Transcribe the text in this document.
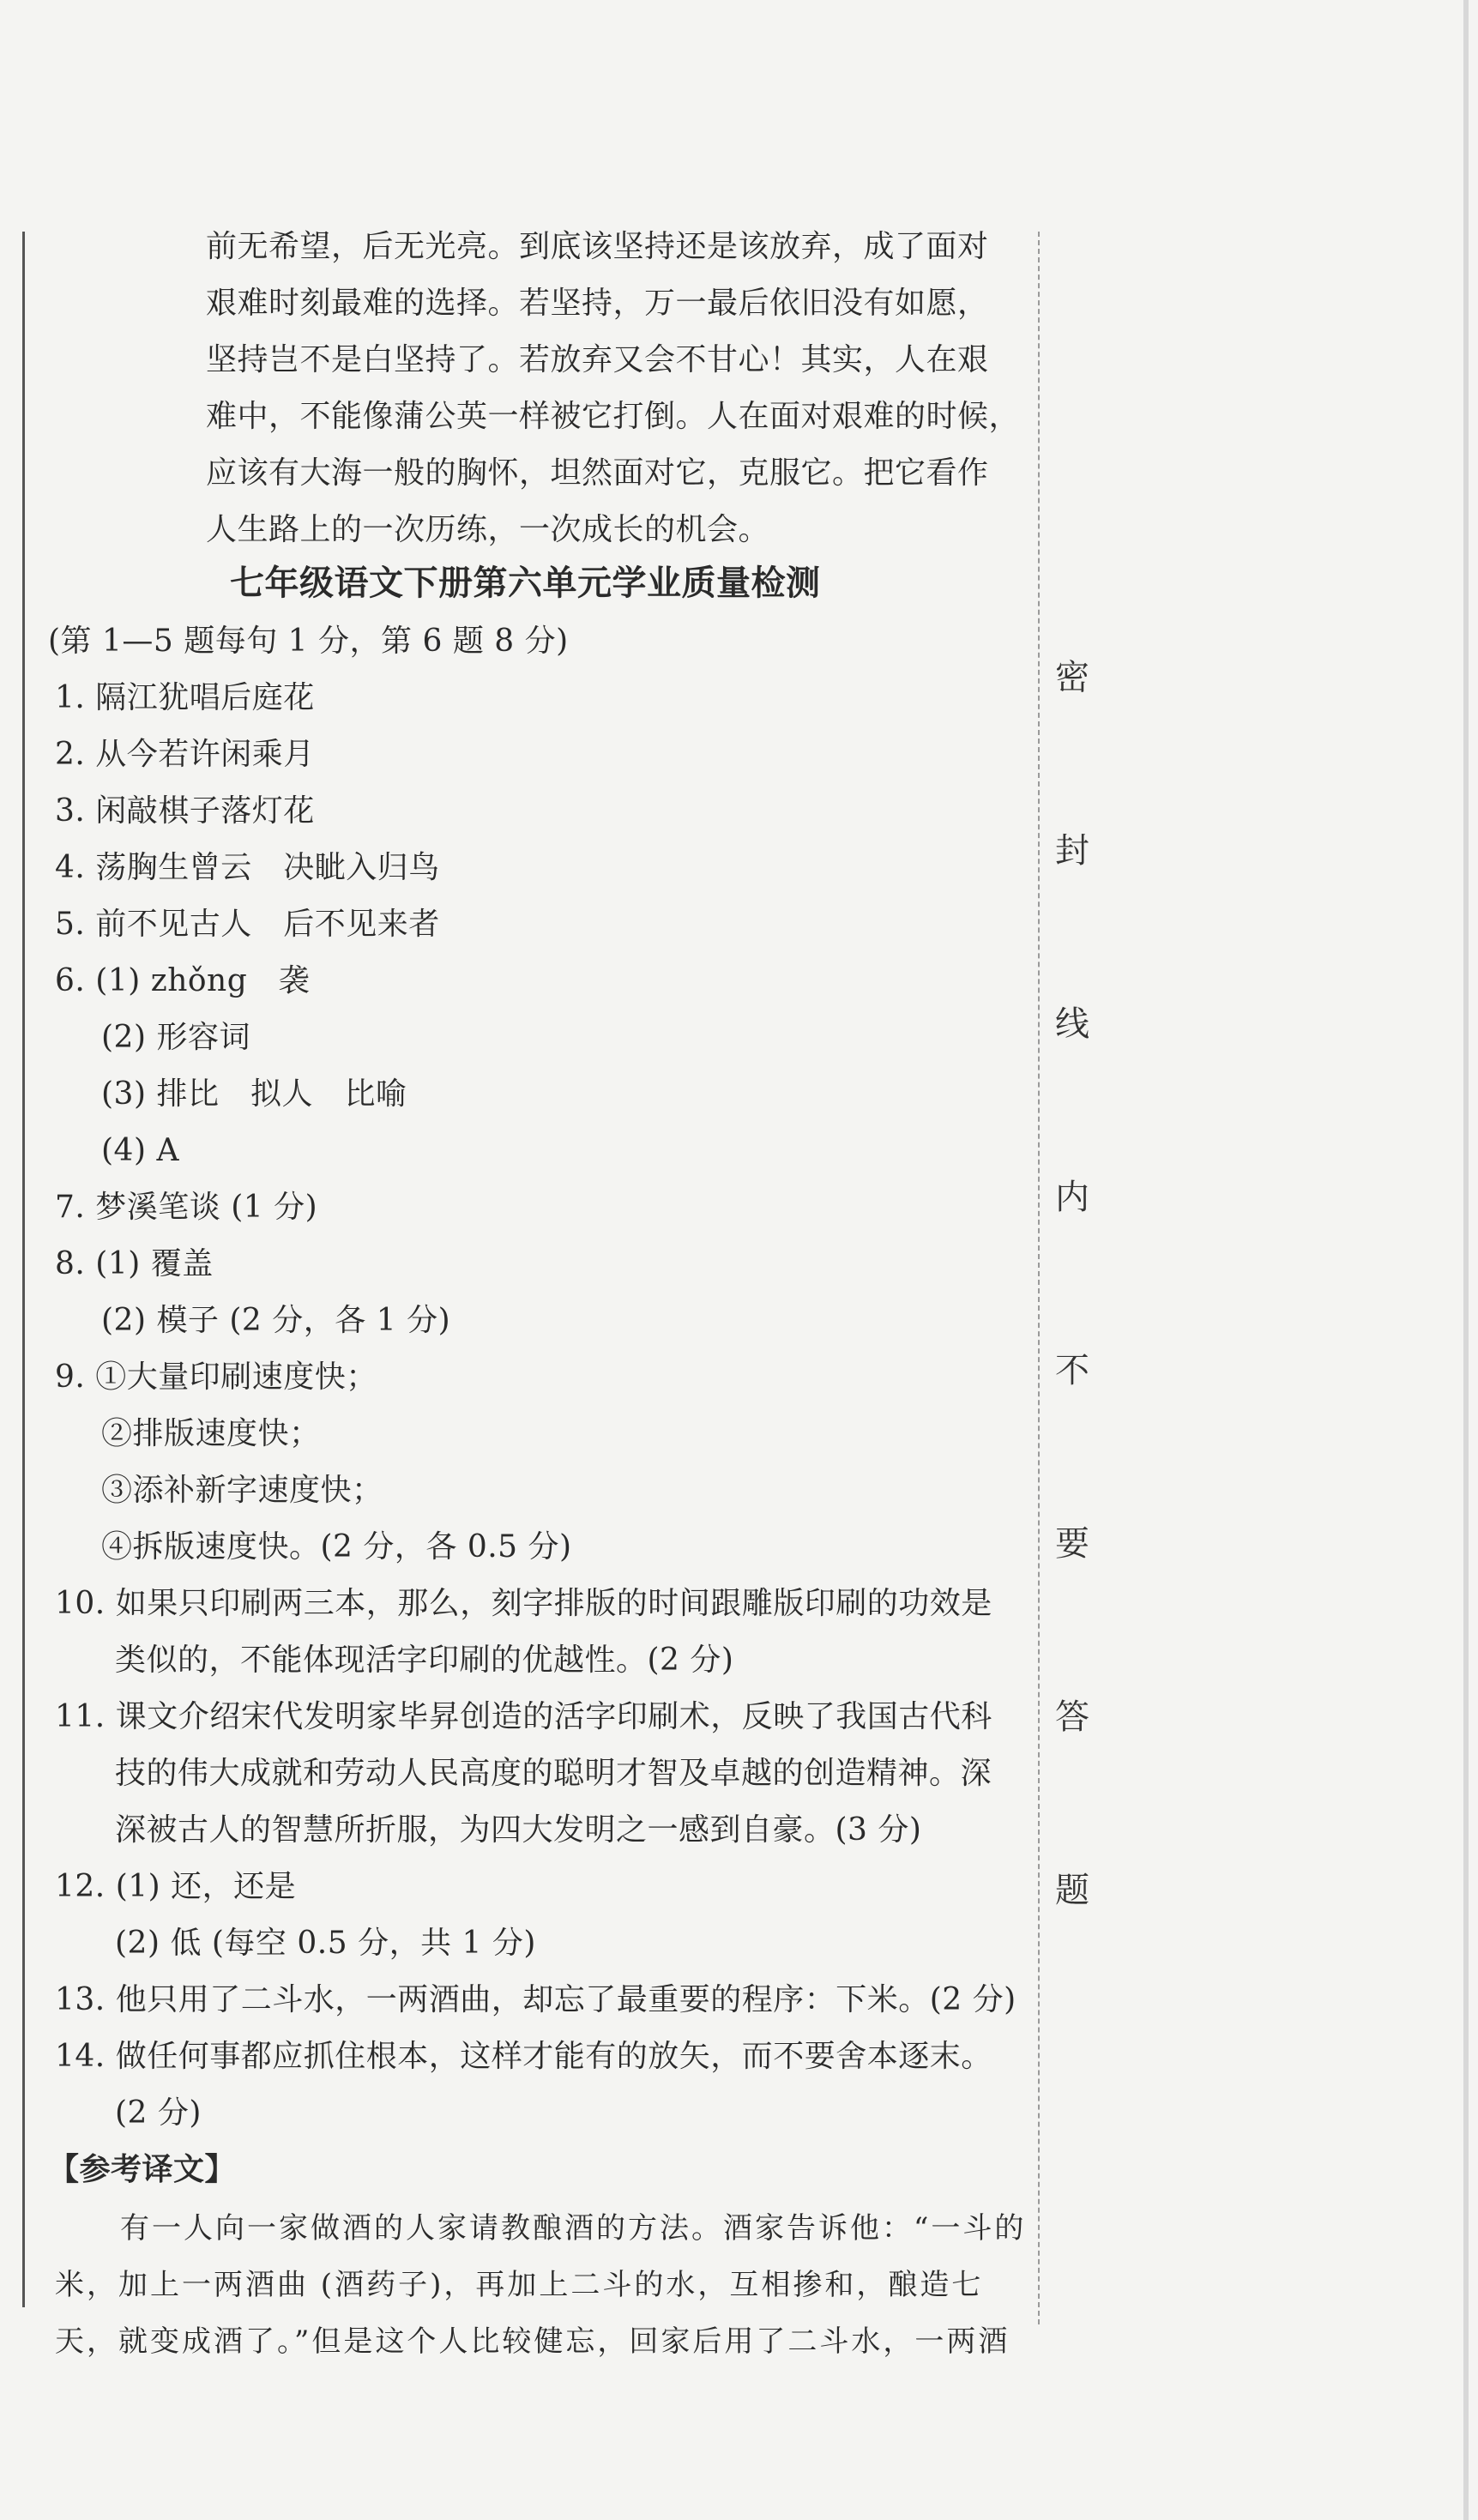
前无希望，后无光亮。到底该坚持还是该放弃，成了面对
艰难时刻最难的选择。若坚持，万一最后依旧没有如愿，
坚持岂不是白坚持了。若放弃又会不甘心！其实，人在艰
难中，不能像蒲公英一样被它打倒。人在面对艰难的时候，
应该有大海一般的胸怀，坦然面对它，克服它。把它看作
人生路上的一次历练，一次成长的机会。
七年级语文下册第六单元学业质量检测
(第 1—5 题每句 1 分，第 6 题 8 分)
1. 隔江犹唱后庭花
2. 从今若许闲乘月
3. 闲敲棋子落灯花
4. 荡胸生曾云　决眦入归鸟
5. 前不见古人　后不见来者
6. (1) zhǒng　袭
(2) 形容词
(3) 排比　拟人　比喻
(4) A
7. 梦溪笔谈 (1 分)
8. (1) 覆盖
(2) 模子 (2 分，各 1 分)
9. ①大量印刷速度快；
②排版速度快；
③添补新字速度快；
④拆版速度快。(2 分，各 0.5 分)
10. 如果只印刷两三本，那么，刻字排版的时间跟雕版印刷的功效是
类似的，不能体现活字印刷的优越性。(2 分)
11. 课文介绍宋代发明家毕昇创造的活字印刷术，反映了我国古代科
技的伟大成就和劳动人民高度的聪明才智及卓越的创造精神。深
深被古人的智慧所折服，为四大发明之一感到自豪。(3 分)
12. (1) 还，还是
(2) 低 (每空 0.5 分，共 1 分)
13. 他只用了二斗水，一两酒曲，却忘了最重要的程序：下米。(2 分)
14. 做任何事都应抓住根本，这样才能有的放矢，而不要舍本逐末。
(2 分)
【参考译文】
有一人向一家做酒的人家请教酿酒的方法。酒家告诉他：“一斗的
米，加上一两酒曲 (酒药子)，再加上二斗的水，互相掺和，酿造七
天，就变成酒了。”但是这个人比较健忘，回家后用了二斗水，一两酒
密
封
线
内
不
要
答
题
